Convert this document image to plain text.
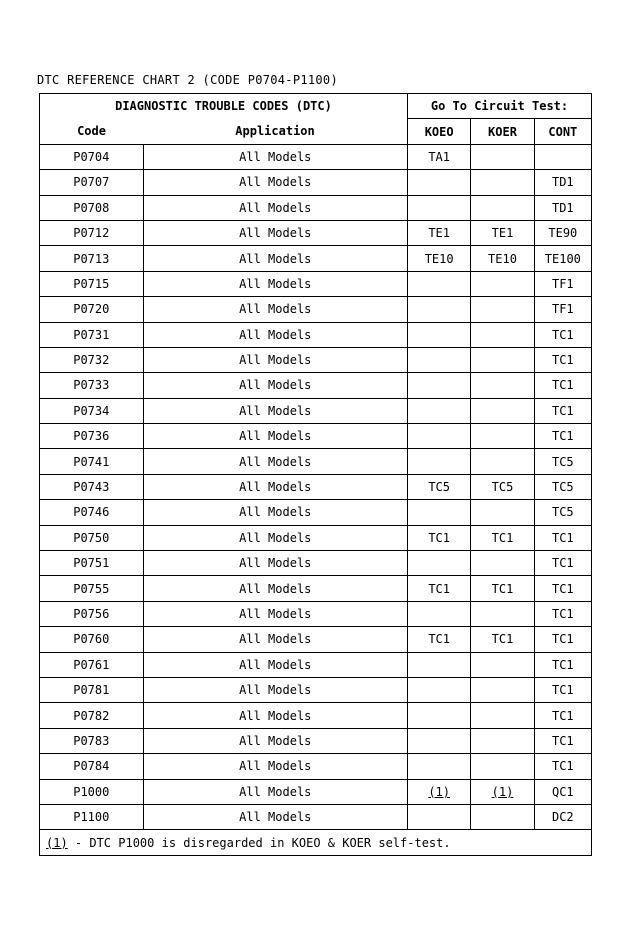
DTC REFERENCE CHART 2 (CODE P0704-P1100)
DIAGNOSTIC TROUBLE CODES (DTC)		Go To Circuit Test:		
Code	Application	KOEO	KOER	CONT
P0704	All Models	TA1		
P0707	All Models			TD1
P0708	All Models			TD1
P0712	All Models	TE1	TE1	TE90
P0713	All Models	TE10	TE10	TE100
P0715	All Models			TF1
P0720	All Models			TF1
P0731	All Models			TC1
P0732	All Models			TC1
P0733	All Models			TC1
P0734	All Models			TC1
P0736	All Models			TC1
P0741	All Models			TC5
P0743	All Models	TC5	TC5	TC5
P0746	All Models			TC5
P0750	All Models	TC1	TC1	TC1
P0751	All Models			TC1
P0755	All Models	TC1	TC1	TC1
P0756	All Models			TC1
P0760	All Models	TC1	TC1	TC1
P0761	All Models			TC1
P0781	All Models			TC1
P0782	All Models			TC1
P0783	All Models			TC1
P0784	All Models			TC1
P1000	All Models	(1)	(1)	QC1
P1100	All Models			DC2
(1) - DTC P1000 is disregarded in KOEO & KOER self-test.				
